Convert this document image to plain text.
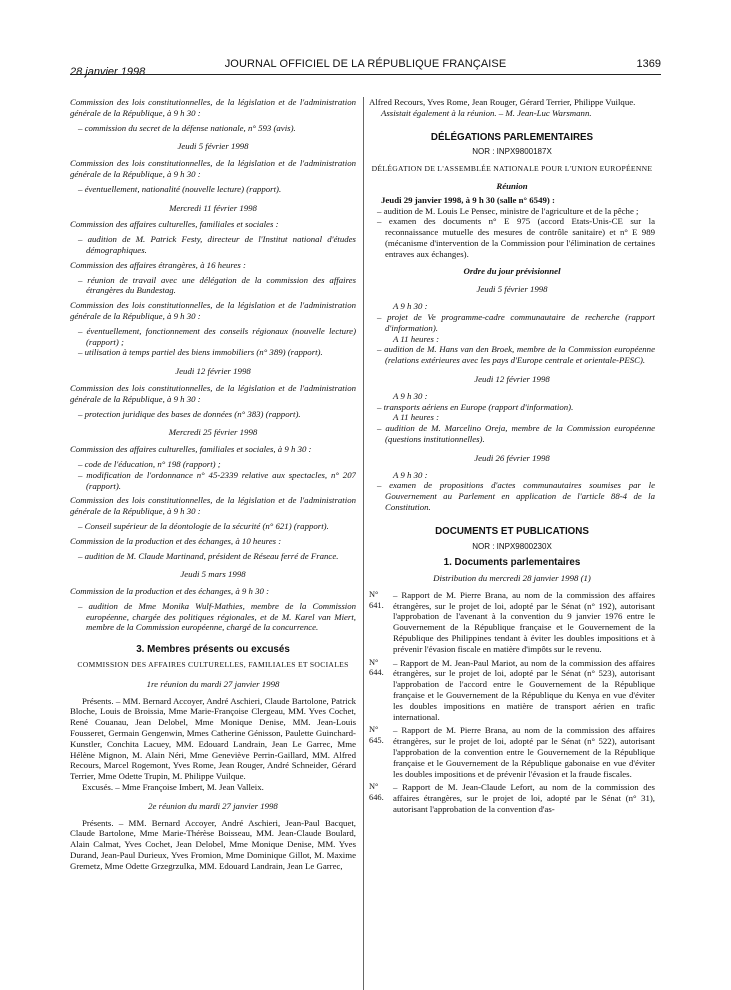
28 janvier 1998
JOURNAL OFFICIEL DE LA RÉPUBLIQUE FRANÇAISE	1369

Commission des lois constitutionnelles, de la législation et de l'administration générale de la République, à 9 h 30 :

– commission du secret de la défense nationale, n° 593 (avis).

Jeudi 5 février 1998

Commission des lois constitutionnelles, de la législation et de l'administration générale de la République, à 9 h 30 :

– éventuellement, nationalité (nouvelle lecture) (rapport).

Mercredi 11 février 1998

Commission des affaires culturelles, familiales et sociales :

– audition de M. Patrick Festy, directeur de l'Institut national d'études démographiques.

Commission des affaires étrangères, à 16 heures :

– réunion de travail avec une délégation de la commission des affaires étrangères du Bundestag.

Commission des lois constitutionnelles, de la législation et de l'administration générale de la République, à 9 h 30 :

– éventuellement, fonctionnement des conseils régionaux (nouvelle lecture) (rapport) ;

– utilisation à temps partiel des biens immobiliers (n° 389) (rapport).

Jeudi 12 février 1998

Commission des lois constitutionnelles, de la législation et de l'administration générale de la République, à 9 h 30 :

– protection juridique des bases de données (n° 383) (rapport).

Mercredi 25 février 1998

Commission des affaires culturelles, familiales et sociales, à 9 h 30 :

– code de l'éducation, n° 198 (rapport) ;

– modification de l'ordonnance n° 45-2339 relative aux spectacles, n° 207 (rapport).

Commission des lois constitutionnelles, de la législation et de l'administration générale de la République, à 9 h 30 :

– Conseil supérieur de la déontologie de la sécurité (n° 621) (rapport).

Commission de la production et des échanges, à 10 heures :

– audition de M. Claude Martinand, président de Réseau ferré de France.

Jeudi 5 mars 1998

Commission de la production et des échanges, à 9 h 30 :

– audition de Mme Monika Wulf-Mathies, membre de la Commission européenne, chargée des politiques régionales, et de M. Karel van Miert, membre de la Commission européenne, chargé de la concurrence.

3. Membres présents ou excusés

COMMISSION DES AFFAIRES CULTURELLES, FAMILIALES ET SOCIALES

1re réunion du mardi 27 janvier 1998

Présents. – MM. Bernard Accoyer, André Aschieri, Claude Bartolone, Patrick Bloche, Louis de Broissia, Mme Marie-Françoise Clergeau, MM. Yves Cochet, René Couanau, Jean Delobel, Mme Monique Denise, MM. Jean-Louis Fousseret, Germain Gengenwin, Mmes Catherine Génisson, Paulette Guinchard-Kunstler, Conchita Lacuey, MM. Edouard Landrain, Jean Le Garrec, Mme Hélène Mignon, M. Alain Néri, Mme Geneviève Perrin-Gaillard, MM. Alfred Recours, Marcel Rogemont, Yves Rome, Jean Rouger, André Schneider, Gérard Terrier, Mme Odette Trupin, M. Philippe Vuilque.

Excusés. – Mme Françoise Imbert, M. Jean Valleix.

2e réunion du mardi 27 janvier 1998

Présents. – MM. Bernard Accoyer, André Aschieri, Jean-Paul Bacquet, Claude Bartolone, Mme Marie-Thérèse Boisseau, MM. Jean-Claude Boulard, Alain Calmat, Yves Cochet, Jean Delobel, Mme Monique Denise, MM. Yves Durand, Jean-Paul Durieux, Yves Fromion, Mme Dominique Gillot, M. Maxime Gremetz, Mme Odette Grzegrzulka, MM. Edouard Landrain, Jean Le Garrec,

Alfred Recours, Yves Rome, Jean Rouger, Gérard Terrier, Philippe Vuilque.

Assistait également à la réunion. – M. Jean-Luc Warsmann.

DÉLÉGATIONS PARLEMENTAIRES

NOR : INPX9800187X

DÉLÉGATION DE L'ASSEMBLÉE NATIONALE POUR L'UNION EUROPÉENNE

Réunion

Jeudi 29 janvier 1998, à 9 h 30 (salle n° 6549) :

– audition de M. Louis Le Pensec, ministre de l'agriculture et de la pêche ;

– examen des documents n° E 975 (accord Etats-Unis-CE sur la reconnaissance mutuelle des mesures de contrôle sanitaire) et n° E 989 (mécanisme d'intervention de la Commission pour l'élimination de certaines entraves aux échanges).

Ordre du jour prévisionnel

Jeudi 5 février 1998

A 9 h 30 :

– projet de Ve programme-cadre communautaire de recherche (rapport d'information).

A 11 heures :

– audition de M. Hans van den Broek, membre de la Commission européenne (relations extérieures avec les pays d'Europe centrale et orientale-PESC).

Jeudi 12 février 1998

A 9 h 30 :

– transports aériens en Europe (rapport d'information).

A 11 heures :

– audition de M. Marcelino Oreja, membre de la Commission européenne (questions institutionnelles).

Jeudi 26 février 1998

A 9 h 30 :

– examen de propositions d'actes communautaires soumises par le Gouvernement au Parlement en application de l'article 88-4 de la Constitution.

DOCUMENTS ET PUBLICATIONS

NOR : INPX9800230X

1. Documents parlementaires

Distribution du mercredi 28 janvier 1998 (1)

N° 641.
– Rapport de M. Pierre Brana, au nom de la commission des affaires étrangères, sur le projet de loi, adopté par le Sénat (n° 192), autorisant l'approbation de l'avenant à la convention du 9 janvier 1976 entre le Gouvernement de la République française et le Gouvernement de la République des Philippines tendant à éviter les doubles impositions et à prévenir l'évasion fiscale en matière d'impôts sur le revenu.
N° 644.
– Rapport de M. Jean-Paul Mariot, au nom de la commission des affaires étrangères, sur le projet de loi, adopté par le Sénat (n° 523), autorisant l'approbation de l'accord entre le Gouvernement de la République française et le Gouvernement de la République du Kenya en vue d'éviter les doubles impositions en matière de transport aérien en trafic international.
N° 645.
– Rapport de M. Pierre Brana, au nom de la commission des affaires étrangères, sur le projet de loi, adopté par le Sénat (n° 522), autorisant l'approbation de la convention entre le Gouvernement de la République française et le Gouvernement de la République gabonaise en vue d'éviter les doubles impositions et de prévenir l'évasion et la fraude fiscales.
N° 646.
– Rapport de M. Jean-Claude Lefort, au nom de la commission des affaires étrangères, sur le projet de loi, adopté par le Sénat (n° 31), autorisant l'approbation de la convention d'as-
